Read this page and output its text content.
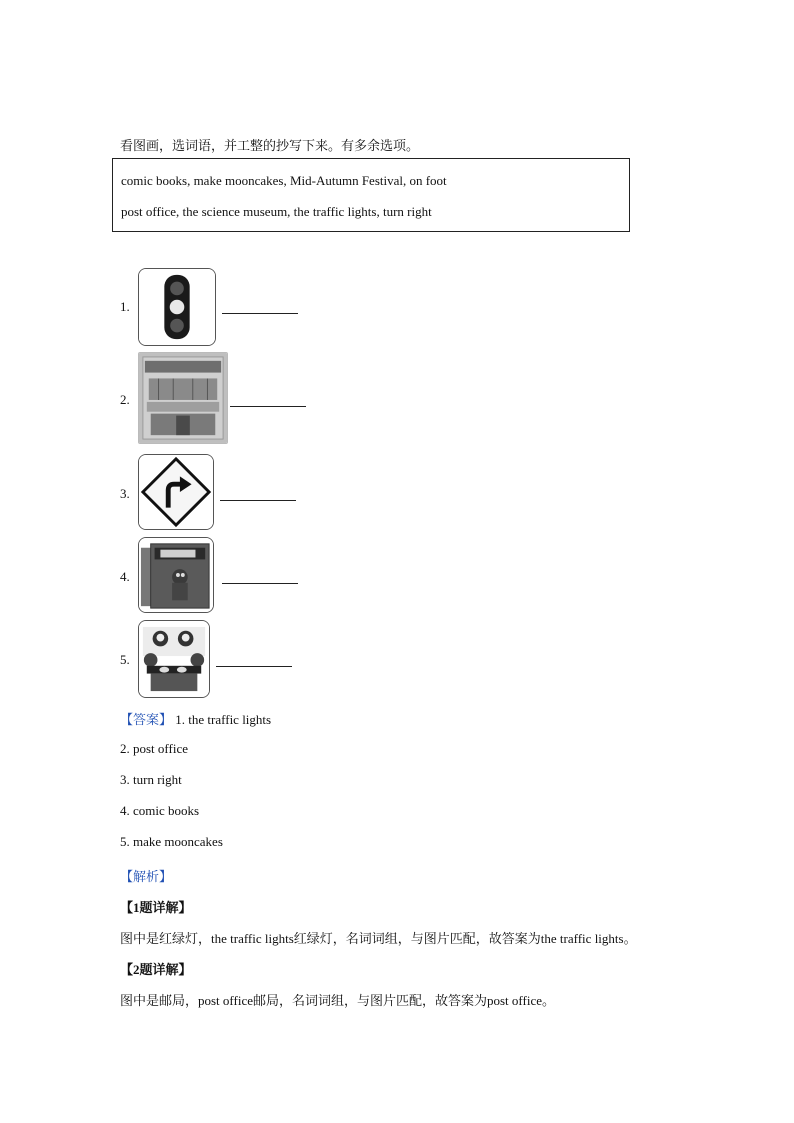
看图画，选词语，并工整的抄写下来。有多余选项。
comic books, make mooncakes, Mid-Autumn Festival, on foot
post office, the science museum, the traffic lights, turn right
1.
2.
3.
4.
5.
【答案】 1. the traffic lights
2. post office
3. turn right
4. comic books
5. make mooncakes
【解析】
【1题详解】
图中是红绿灯，the traffic lights红绿灯，名词词组，与图片匹配，故答案为the traffic lights。
【2题详解】
图中是邮局，post office邮局，名词词组，与图片匹配，故答案为post office。
